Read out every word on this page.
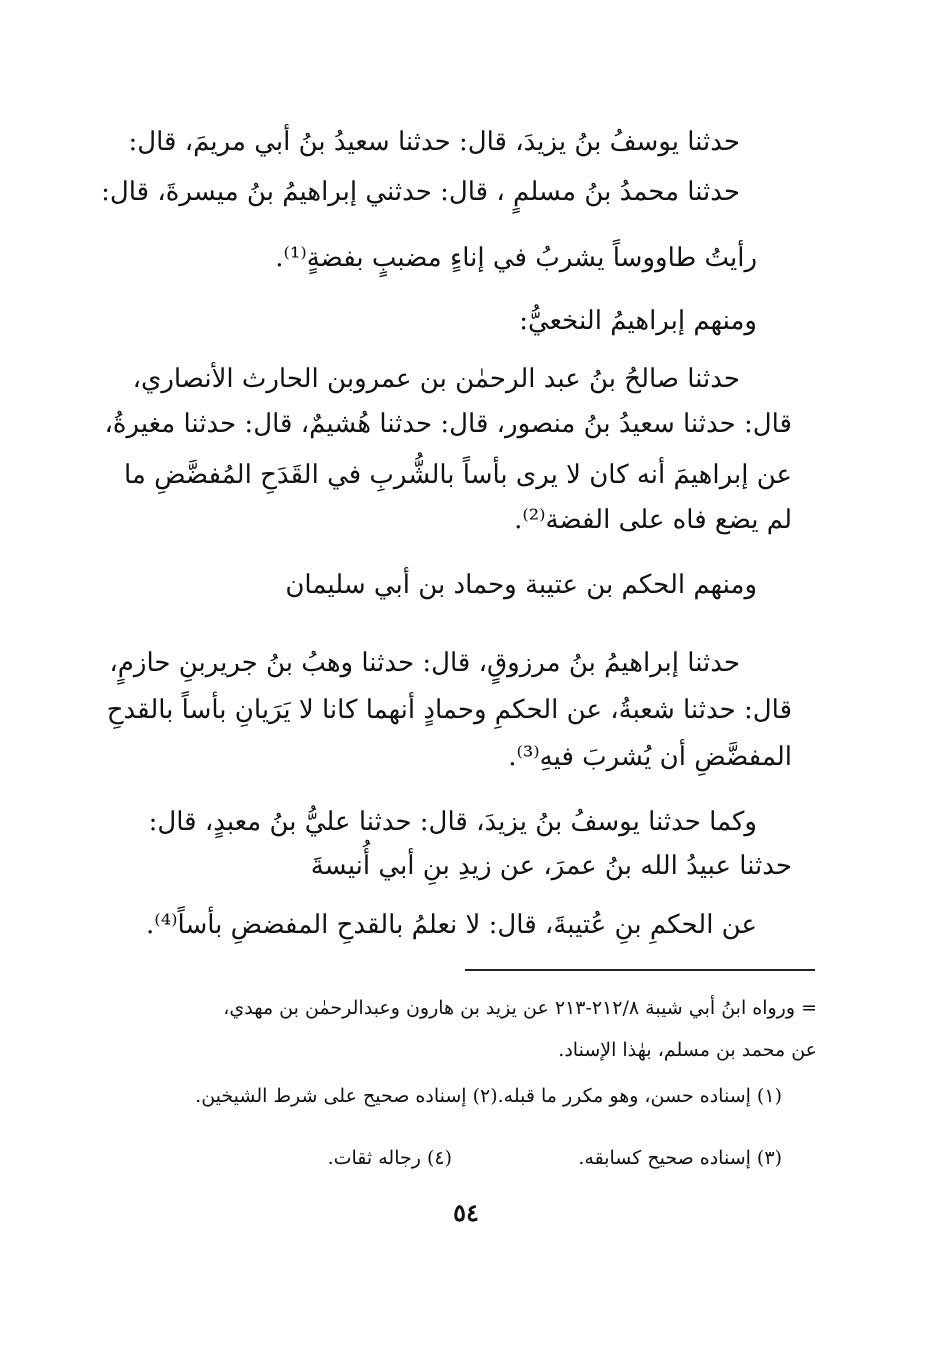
حدثنا يوسفُ بنُ يزيدَ، قال: حدثنا سعيدُ بنُ أبي مريمَ، قال:
حدثنا محمدُ بنُ مسلمٍ ، قال: حدثني إبراهيمُ بنُ ميسرةَ، قال:
رأيتُ طاووساً يشربُ في إناءٍ مضببٍ بفضةٍ⁽¹⁾.
ومنهم إبراهيمُ النخعيُّ:
حدثنا صالحُ بنُ عبد الرحمٰن بن عمروبن الحارث الأنصاري،
قال: حدثنا سعيدُ بنُ منصور، قال: حدثنا هُشيمٌ، قال: حدثنا مغيرةُ،
عن إبراهيمَ أنه كان لا يرى بأساً بالشُّربِ في القَدَحِ المُفضَّضِ ما
لم يضع فاه على الفضة⁽²⁾.
ومنهم الحكم بن عتيبة وحماد بن أبي سليمان
حدثنا إبراهيمُ بنُ مرزوقٍ، قال: حدثنا وهبُ بنُ جريربنِ حازمٍ،
قال: حدثنا شعبةُ، عن الحكمِ وحمادٍ أنهما كانا لا يَرَيانِ بأساً بالقدحِ
المفضَّضِ أن يُشربَ فيهِ⁽³⁾.
وكما حدثنا يوسفُ بنُ يزيدَ، قال: حدثنا عليُّ بنُ معبدٍ، قال:
حدثنا عبيدُ الله بنُ عمرَ، عن زيدِ بنِ أبي أُنيسةَ
عن الحكمِ بنِ عُتيبةَ، قال: لا نعلمُ بالقدحِ المفضضِ بأساً⁽⁴⁾.
= ورواه ابنُ أبي شيبة ٢١٢/٨-٢١٣ عن يزيد بن هارون وعبدالرحمٰن بن مهدي،
عن محمد بن مسلم، بهٰذا الإسناد.
(١) إسناده حسن، وهو مكرر ما قبله.(٢) إسناده صحيح على شرط الشيخين.
(٤) رجاله ثقات.	(٣) إسناده صحيح كسابقه.
٥٤
